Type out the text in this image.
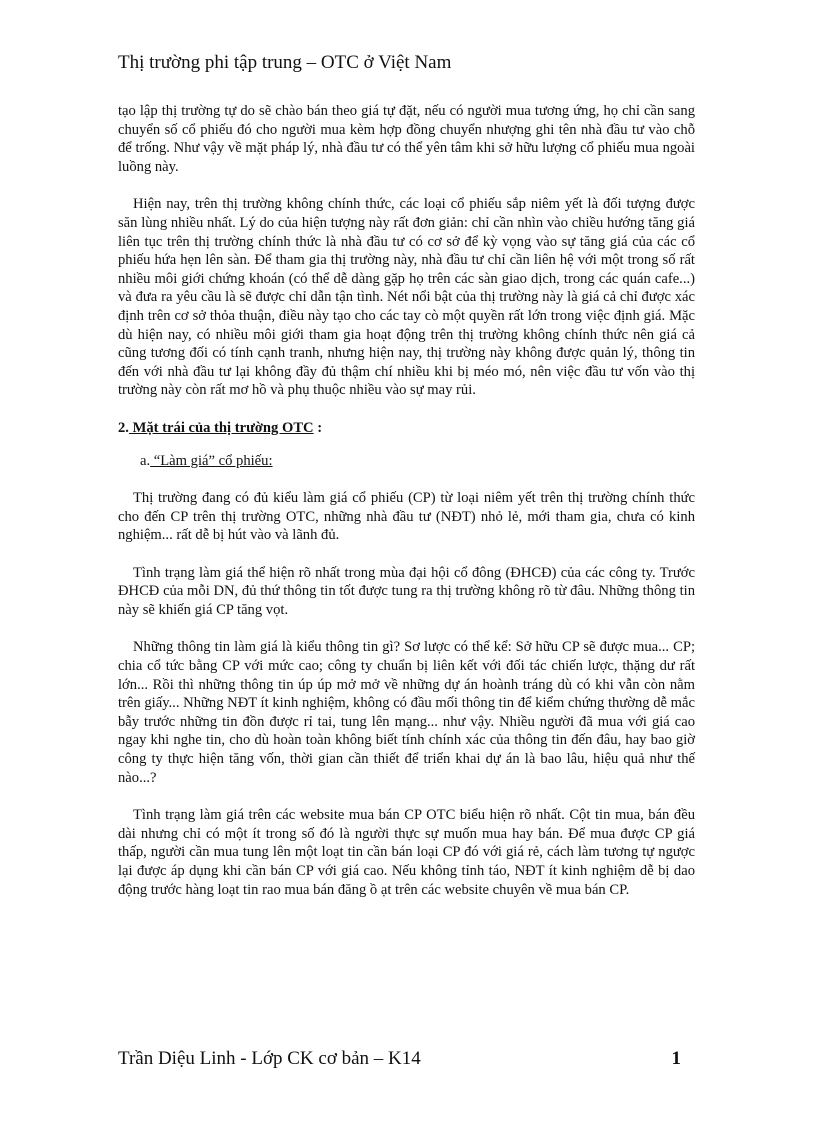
Thị trường phi tập trung – OTC ở Việt Nam

tạo lập thị trường tự do sẽ chào bán theo giá tự đặt, nếu có người mua tương ứng, họ chỉ cần sang chuyển số cổ phiếu đó cho người mua kèm hợp đồng chuyển nhượng ghi tên nhà đầu tư vào chỗ để trống. Như vậy về mặt pháp lý, nhà đầu tư có thể yên tâm khi sở hữu lượng cổ phiếu mua ngoài luồng này.

Hiện nay, trên thị trường không chính thức, các loại cổ phiếu sắp niêm yết là đối tượng được săn lùng nhiều nhất. Lý do của hiện tượng này rất đơn giản: chỉ cần nhìn vào chiều hướng tăng giá liên tục trên thị trường chính thức là nhà đầu tư có cơ sở để kỳ vọng vào sự tăng giá của các cổ phiếu hứa hẹn lên sàn. Để tham gia thị trường này, nhà đầu tư chỉ cần liên hệ với một trong số rất nhiều môi giới chứng khoán (có thể dễ dàng gặp họ trên các sàn giao dịch, trong các quán cafe...) và đưa ra yêu cầu là sẽ được chỉ dẫn tận tình. Nét nổi bật của thị trường này là giá cả chỉ được xác định trên cơ sở thỏa thuận, điều này tạo cho các tay cò một quyền rất lớn trong việc định giá. Mặc dù hiện nay, có nhiều môi giới tham gia hoạt động trên thị trường không chính thức nên giá cả cũng tương đối có tính cạnh tranh, nhưng hiện nay, thị trường này không được quản lý, thông tin đến với nhà đầu tư lại không đầy đủ thậm chí nhiều khi bị méo mó, nên việc đầu tư vốn vào thị trường này còn rất mơ hồ và phụ thuộc nhiều vào sự may rủi.

2. Mặt trái của thị trường OTC :

a. “Làm giá” cổ phiếu:

Thị trường đang có đủ kiểu làm giá cổ phiếu (CP) từ loại niêm yết trên thị trường chính thức cho đến CP trên thị trường OTC, những nhà đầu tư (NĐT) nhỏ lẻ, mới tham gia, chưa có kinh nghiệm... rất dễ bị hút vào và lãnh đủ.

Tình trạng làm giá thể hiện rõ nhất trong mùa đại hội cổ đông (ĐHCĐ) của các công ty. Trước ĐHCĐ của mỗi DN, đủ thứ thông tin tốt được tung ra thị trường không rõ từ đâu. Những thông tin này sẽ khiến giá CP tăng vọt.

Những thông tin làm giá là kiểu thông tin gì? Sơ lược có thể kể: Sở hữu CP sẽ được mua... CP; chia cổ tức bằng CP với mức cao; công ty chuẩn bị liên kết với đối tác chiến lược, thặng dư rất lớn... Rồi thì những thông tin úp úp mở mở về những dự án hoành tráng dù có khi vẫn còn nằm trên giấy... Những NĐT ít kinh nghiệm, không có đầu mối thông tin để kiểm chứng thường dễ mắc bẫy trước những tin đồn được rỉ tai, tung lên mạng... như vậy. Nhiều người đã mua với giá cao ngay khi nghe tin, cho dù hoàn toàn không biết tính chính xác của thông tin đến đâu, hay bao giờ công ty thực hiện tăng vốn, thời gian cần thiết để triển khai dự án là bao lâu, hiệu quả như thế nào...?

Tình trạng làm giá trên các website mua bán CP OTC biểu hiện rõ nhất. Cột tin mua, bán đều dài nhưng chỉ có một ít trong số đó là người thực sự muốn mua hay bán. Để mua được CP giá thấp, người cần mua tung lên một loạt tin cần bán loại CP đó với giá rẻ, cách làm tương tự ngược lại được áp dụng khi cần bán CP với giá cao. Nếu không tỉnh táo, NĐT ít kinh nghiệm dễ bị dao động trước hàng loạt tin rao mua bán đăng ồ ạt trên các website chuyên về mua bán CP.

Trần Diệu Linh - Lớp CK cơ bản – K14	1
